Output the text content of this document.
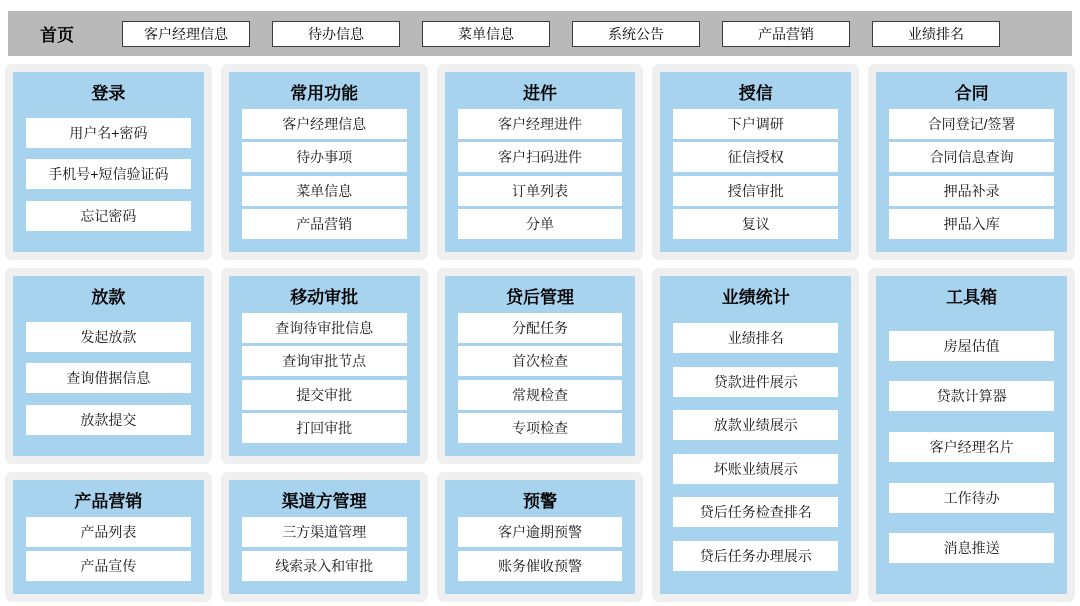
首页	客户经理信息	待办信息	菜单信息	系统公告	产品营销	业绩排名
登录
用户名+密码
手机号+短信验证码
忘记密码
常用功能
客户经理信息
待办事项
菜单信息
产品营销
进件
客户经理进件
客户扫码进件
订单列表
分单
授信
下户调研
征信授权
授信审批
复议
合同
合同登记/签署
合同信息查询
押品补录
押品入库
放款
发起放款
查询借据信息
放款提交
移动审批
查询待审批信息
查询审批节点
提交审批
打回审批
贷后管理
分配任务
首次检查
常规检查
专项检查
业绩统计
业绩排名
贷款进件展示
放款业绩展示
坏账业绩展示
贷后任务检查排名
贷后任务办理展示
工具箱
房屋估值
贷款计算器
客户经理名片
工作待办
消息推送
产品营销
产品列表
产品宣传
渠道方管理
三方渠道管理
线索录入和审批
预警
客户逾期预警
账务催收预警
